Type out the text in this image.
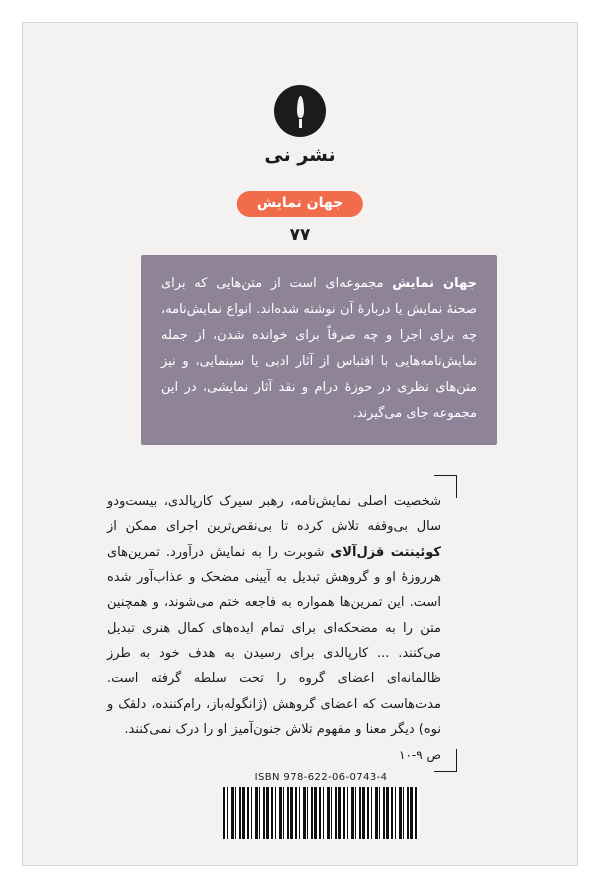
نشر نی
جهان نمایش
۷۷

جهان نمایش مجموعه‌ای است از متن‌هایی که برای صحنهٔ نمایش یا دربارهٔ آن نوشته شده‌اند. انواع نمایش‌نامه، چه برای اجرا و چه صرفاً برای خوانده شدن، از جمله نمایش‌نامه‌هایی با اقتباس از آثار ادبی یا سینمایی، و نیز متن‌های نظری در حوزهٔ درام و نقد آثار نمایشی، در این مجموعه جای می‌گیرند.

شخصیت اصلی نمایش‌نامه، رهبر سیرک کارپالدی، بیست‌ودو سال بی‌وقفه تلاش کرده تا بی‌نقص‌ترین اجرای ممکن از کوئینتت قزل‌آلای شوبرت را به نمایش درآورد. تمرین‌های هرروزهٔ او و گروهش تبدیل به آیینی مضحک و عذاب‌آور شده است. این تمرین‌ها همواره به فاجعه ختم می‌شوند، و همچنین متن را به مضحکه‌ای برای تمام ایده‌های کمال هنری تبدیل می‌کنند. ... کارپالدی برای رسیدن به هدف خود به طرز ظالمانه‌ای اعضای گروه را تحت سلطه گرفته است. مدت‌هاست که اعضای گروهش (ژانگوله‌باز، رام‌کننده، دلقک و نوه) دیگر معنا و مفهوم تلاش جنون‌آمیز او را درک نمی‌کنند.

ص ۹-۱۰
ISBN 978-622-06-0743-4
